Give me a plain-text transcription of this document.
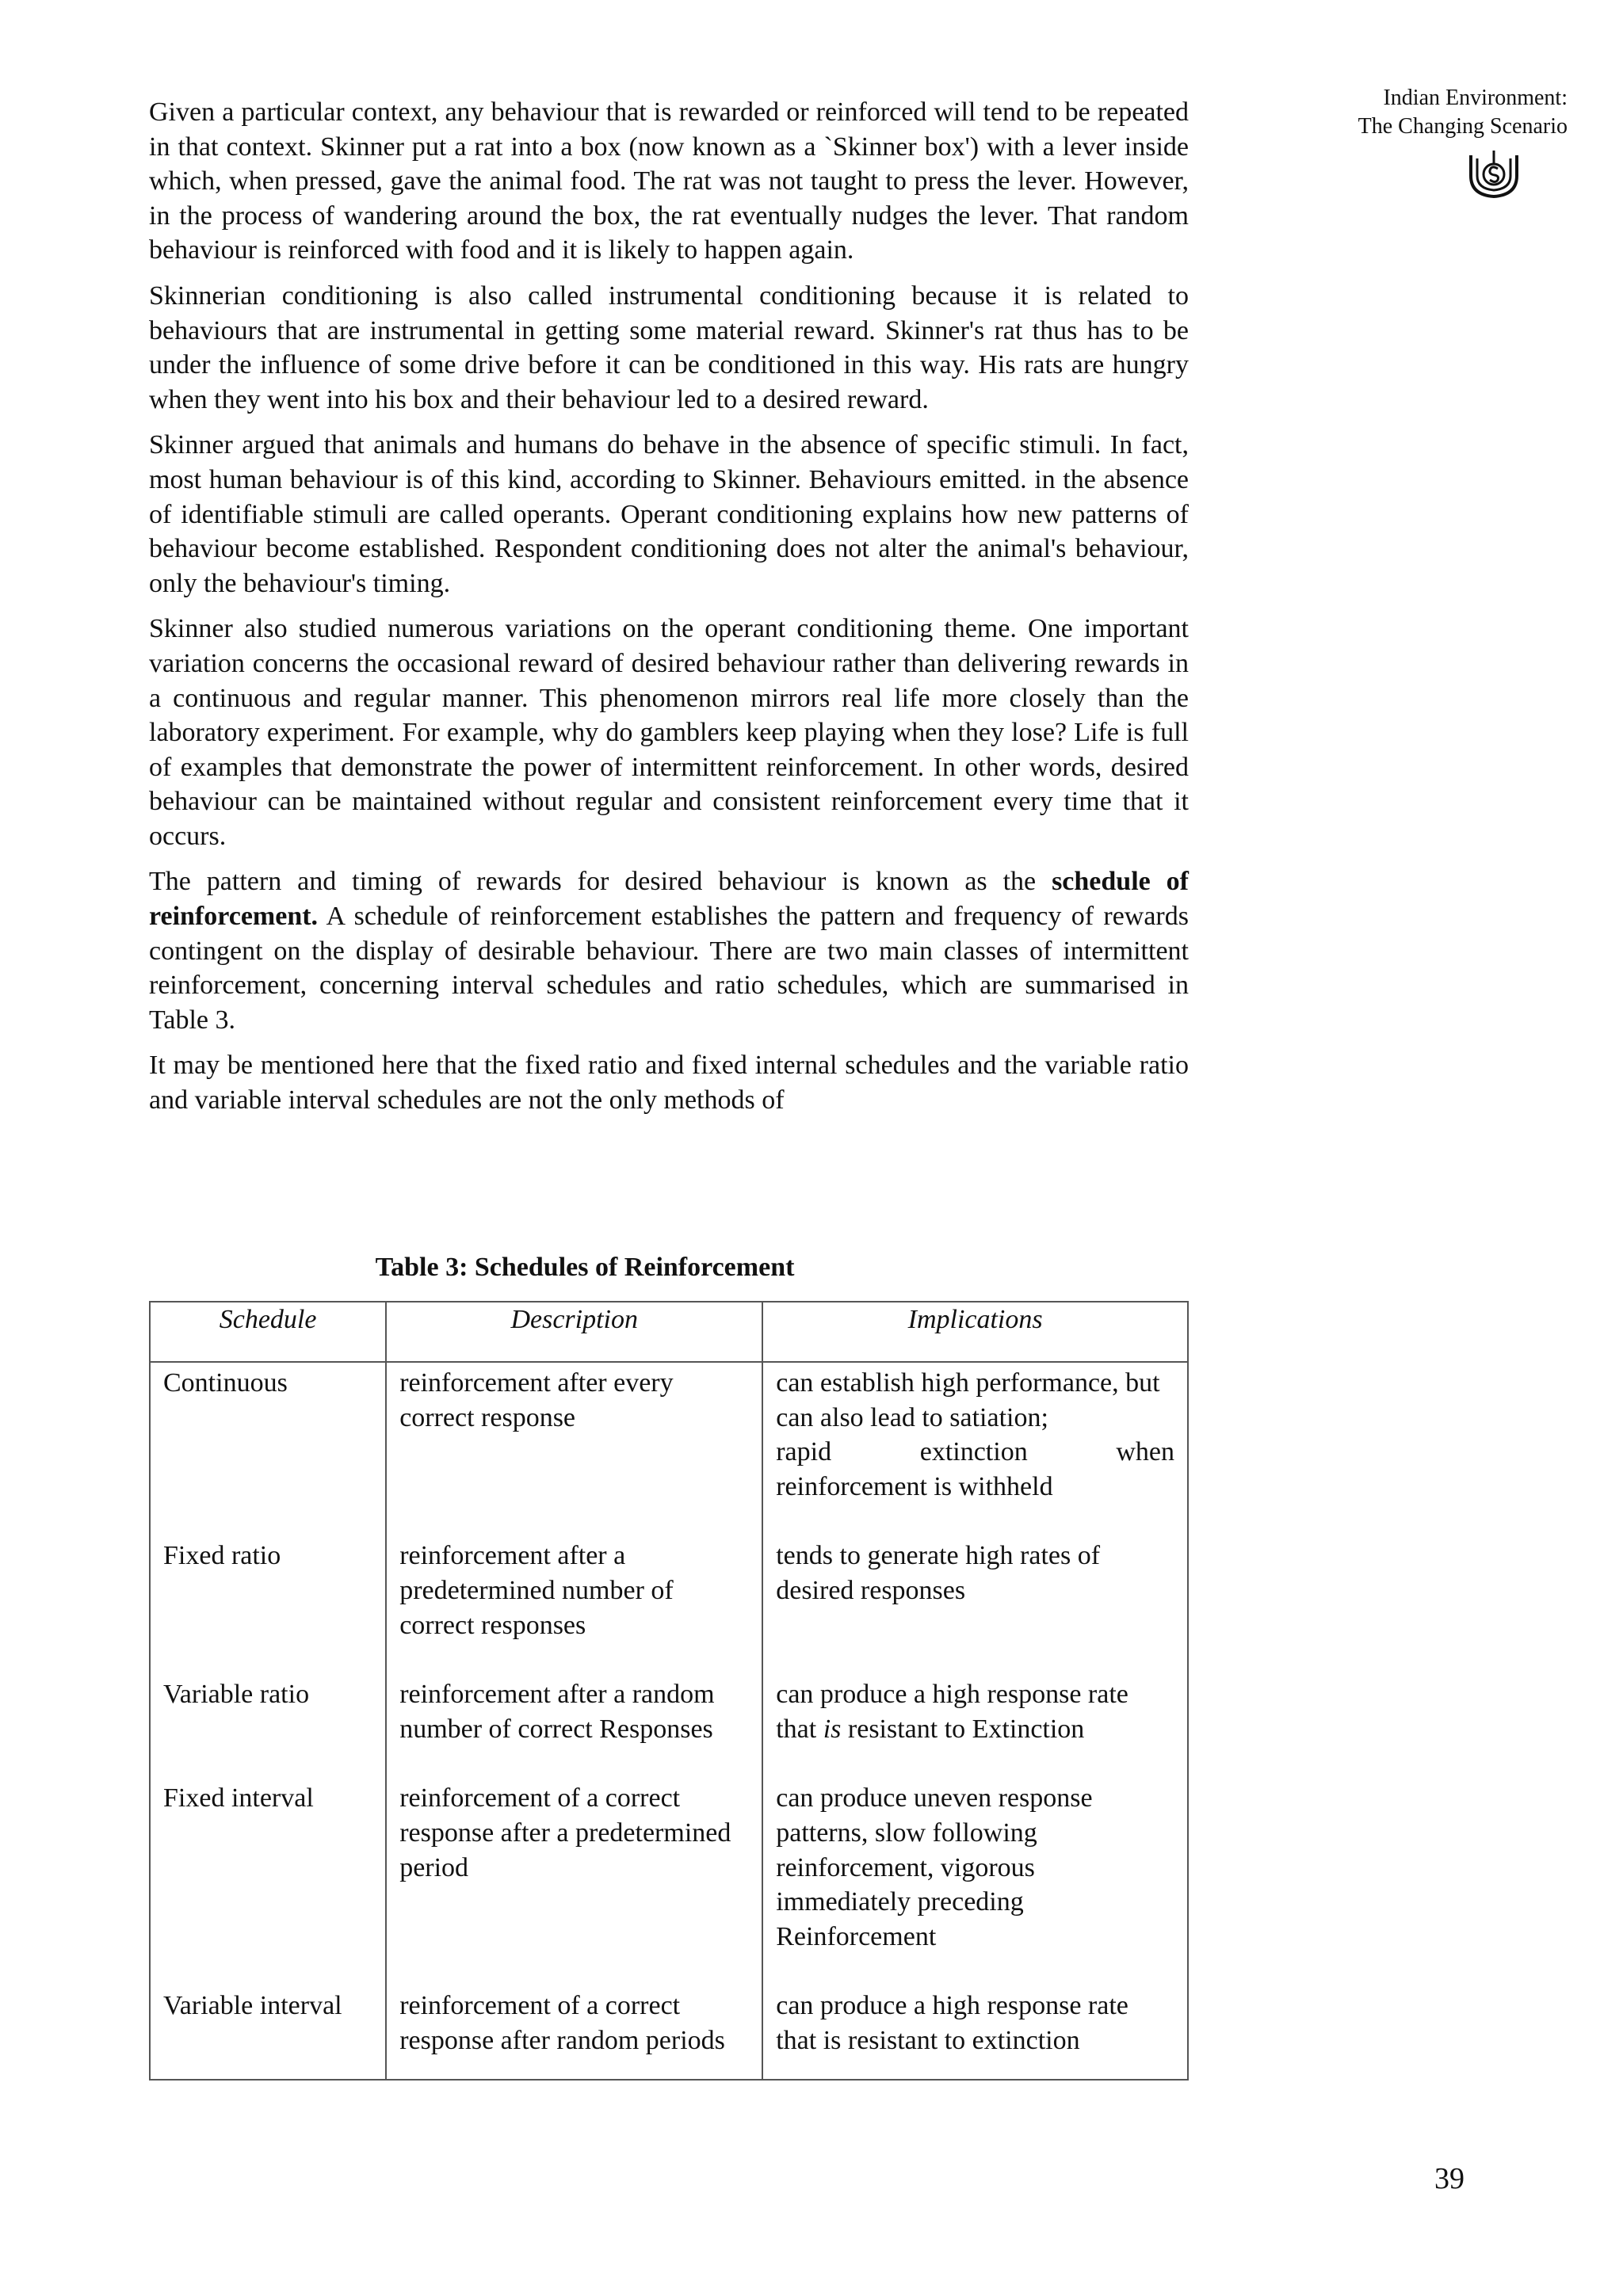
Indian Environment:
The Changing Scenario

Given a particular context, any behaviour that is rewarded or reinforced will tend to be repeated in that context. Skinner put a rat into a box (now known as a `Skinner box') with a lever inside which, when pressed, gave the animal food. The rat was not taught to press the lever. However, in the process of wandering around the box, the rat eventually nudges the lever. That random behaviour is reinforced with food and it is likely to happen again.

Skinnerian conditioning is also called instrumental conditioning because it is related to behaviours that are instrumental in getting some material reward. Skinner's rat thus has to be under the influence of some drive before it can be conditioned in this way. His rats are hungry when they went into his box and their behaviour led to a desired reward.

Skinner argued that animals and humans do behave in the absence of specific stimuli. In fact, most human behaviour is of this kind, according to Skinner. Behaviours emitted. in the absence of identifiable stimuli are called operants. Operant conditioning explains how new patterns of behaviour become established. Respondent conditioning does not alter the animal's behaviour, only the behaviour's timing.

Skinner also studied numerous variations on the operant conditioning theme. One important variation concerns the occasional reward of desired behaviour rather than delivering rewards in a continuous and regular manner. This phenomenon mirrors real life more closely than the laboratory experiment. For example, why do gamblers keep playing when they lose? Life is full of examples that demonstrate the power of intermittent reinforcement. In other words, desired behaviour can be maintained without regular and consistent reinforcement every time that it occurs.

The pattern and timing of rewards for desired behaviour is known as the schedule of reinforcement. A schedule of reinforcement establishes the pattern and frequency of rewards contingent on the display of desirable behaviour. There are two main classes of intermittent reinforcement, concerning interval schedules and ratio schedules, which are summarised in Table 3.

It may be mentioned here that the fixed ratio and fixed internal schedules and the variable ratio and variable interval schedules are not the only methods of

Table 3: Schedules of Reinforcement
Schedule	Description	Implications
Continuous	reinforcement after every correct response	can establish high performance, but can also lead to satiation;
rapid extinction when
reinforcement is withheld

Fixed ratio	reinforcement after a predetermined number of correct responses	tends to generate high rates of desired responses
Variable ratio	reinforcement after a random number of correct Responses	can produce a high response rate that is resistant to Extinction
Fixed interval	reinforcement of a correct response after a predetermined period	can produce uneven response patterns, slow following reinforcement, vigorous immediately preceding Reinforcement
Variable interval	reinforcement of a correct response after random periods	can produce a high response rate that is resistant to extinction
39
